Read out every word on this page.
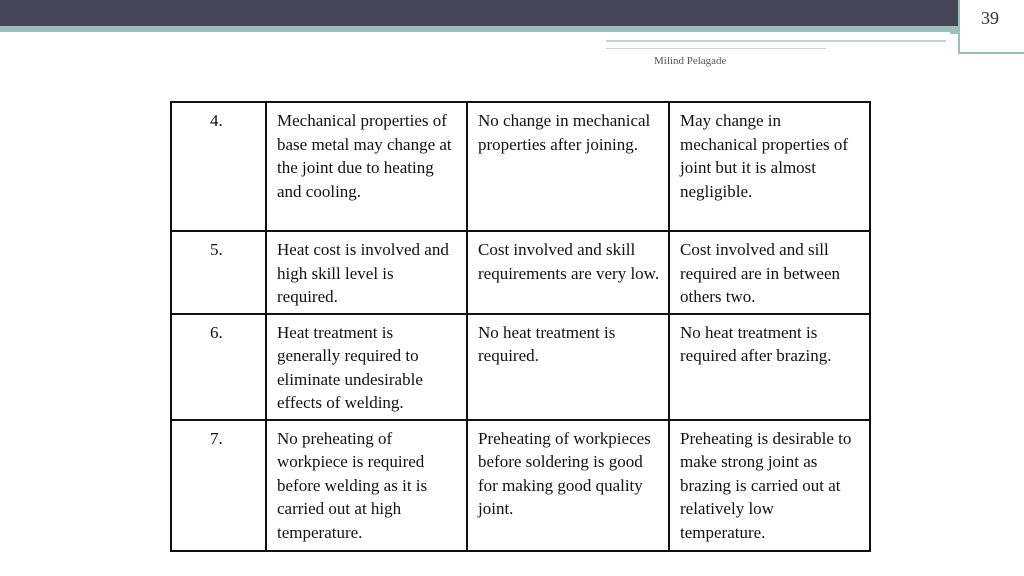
39
Milind Pelagade
4.	Mechanical properties of base metal may change at the joint due to heating and cooling.	No change in mechanical properties after joining.	May change in mechanical properties of joint but it is almost negligible.
5.	Heat cost is involved and high skill level is required.	Cost involved and skill requirements are very low.	Cost involved and sill required are in between others two.
6.	Heat treatment is generally required to eliminate undesirable effects of welding.	No heat treatment is required.	No heat treatment is required after brazing.
7.	No preheating of workpiece is required before welding as it is carried out at high temperature.	Preheating of workpieces before soldering is good for making good quality joint.	Preheating is desirable to make strong joint as brazing is carried out at relatively low temperature.
